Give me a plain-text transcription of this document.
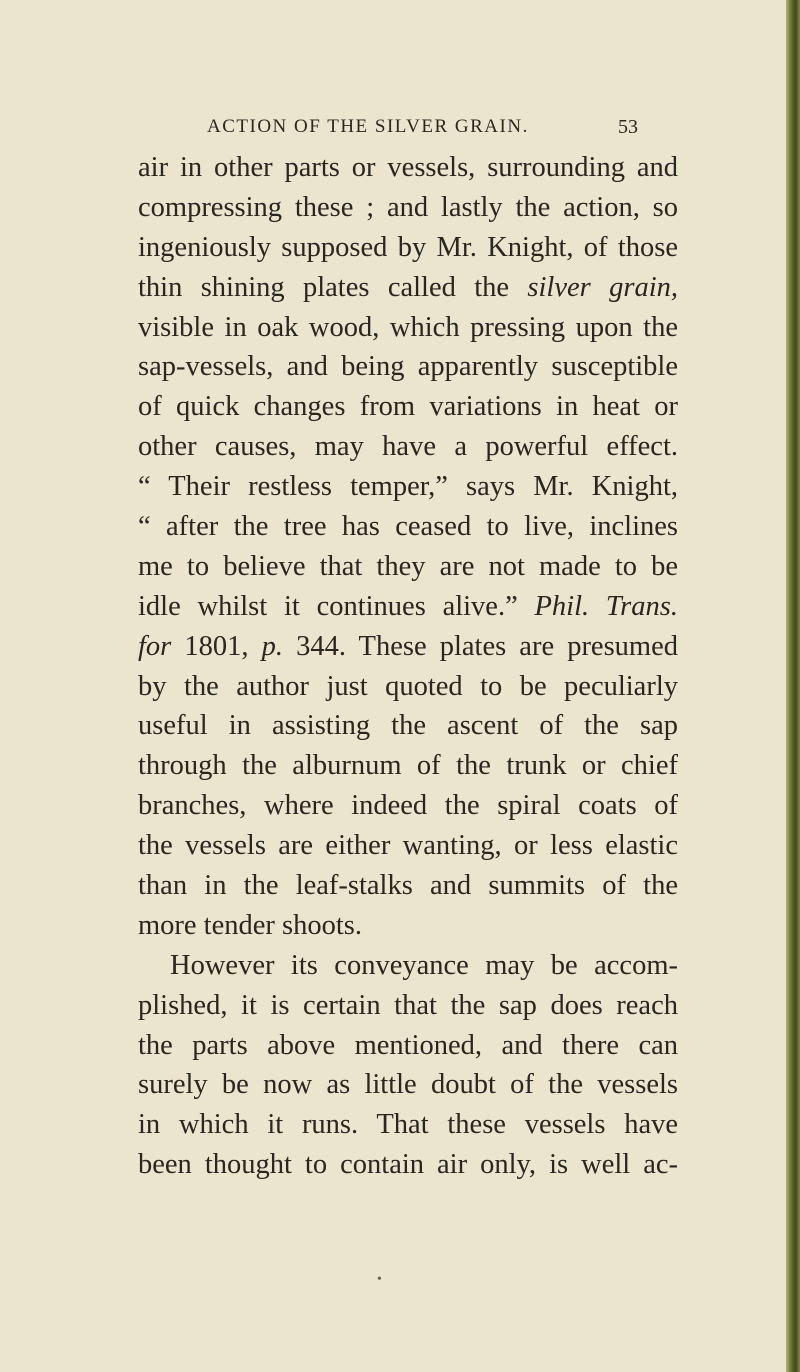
ACTION OF THE SILVER GRAIN.	53
air in other parts or vessels, surrounding and
compressing these ; and lastly the action, so
ingeniously supposed by Mr. Knight, of those
thin shining plates called the silver grain,
visible in oak wood, which pressing upon the
sap-vessels, and being apparently susceptible
of quick changes from variations in heat or
other causes, may have a powerful effect.
“ Their restless temper,” says Mr. Knight,
“ after the tree has ceased to live, inclines
me to believe that they are not made to be
idle whilst it continues alive.” Phil. Trans.
for 1801, p. 344. These plates are presumed
by the author just quoted to be peculiarly
useful in assisting the ascent of the sap
through the alburnum of the trunk or chief
branches, where indeed the spiral coats of
the vessels are either wanting, or less elastic
than in the leaf-stalks and summits of the
more tender shoots.
However its conveyance may be accom-
plished, it is certain that the sap does reach
the parts above mentioned, and there can
surely be now as little doubt of the vessels
in which it runs. That these vessels have
been thought to contain air only, is well ac-
•
